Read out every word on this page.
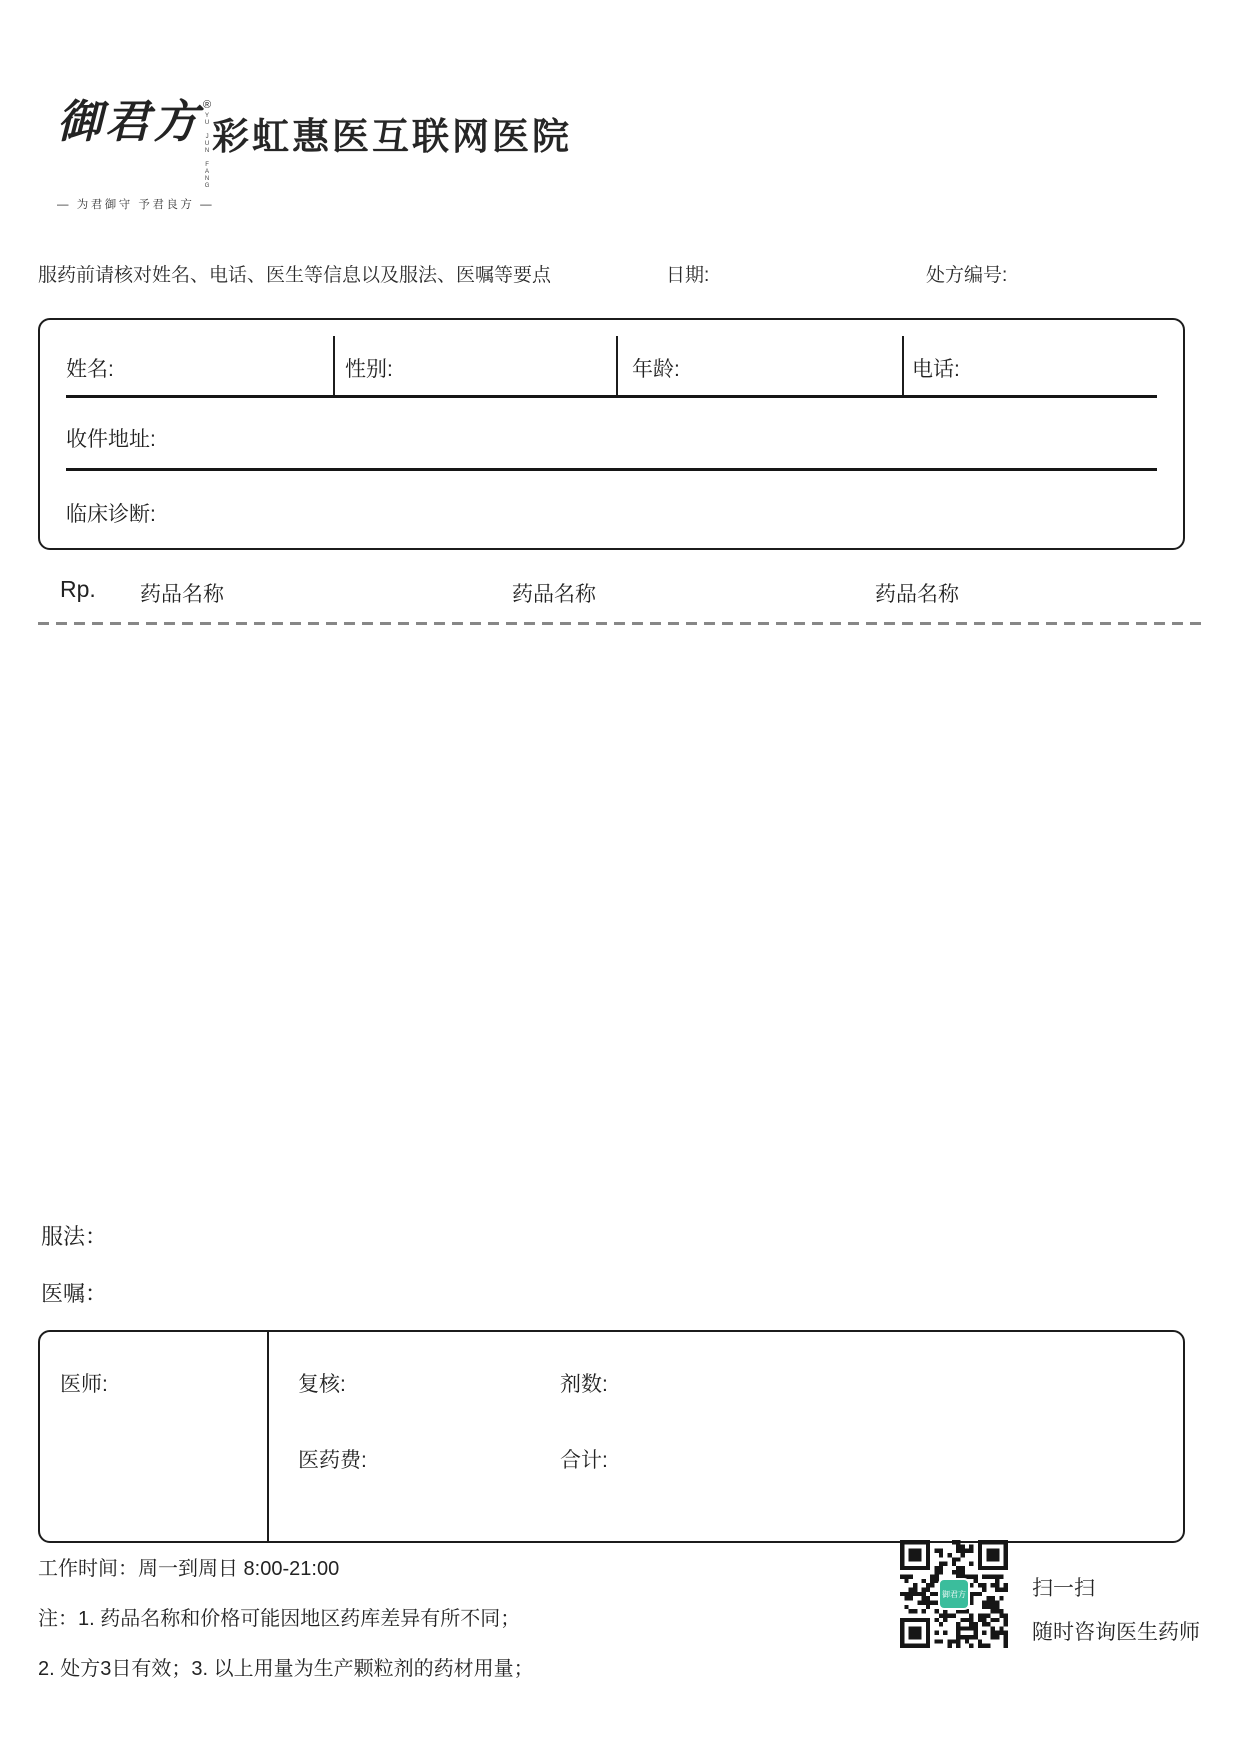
御君方 ®
YU JUN FANG
— 为君御守 予君良方 —
彩虹惠医互联网医院
服药前请核对姓名、电话、医生等信息以及服法、医嘱等要点	日期:	处方编号:
姓名:	性别:	年龄:	电话:
收件地址:
临床诊断:
Rp. 药品名称	药品名称	药品名称
服法：
医嘱：
医师:	复核:	剂数:
医药费:	合计:
工作时间：周一到周日 8:00-21:00
注：1. 药品名称和价格可能因地区药库差异有所不同；
2. 处方3日有效；3. 以上用量为生产颗粒剂的药材用量；
御君方	扫一扫
随时咨询医生药师
